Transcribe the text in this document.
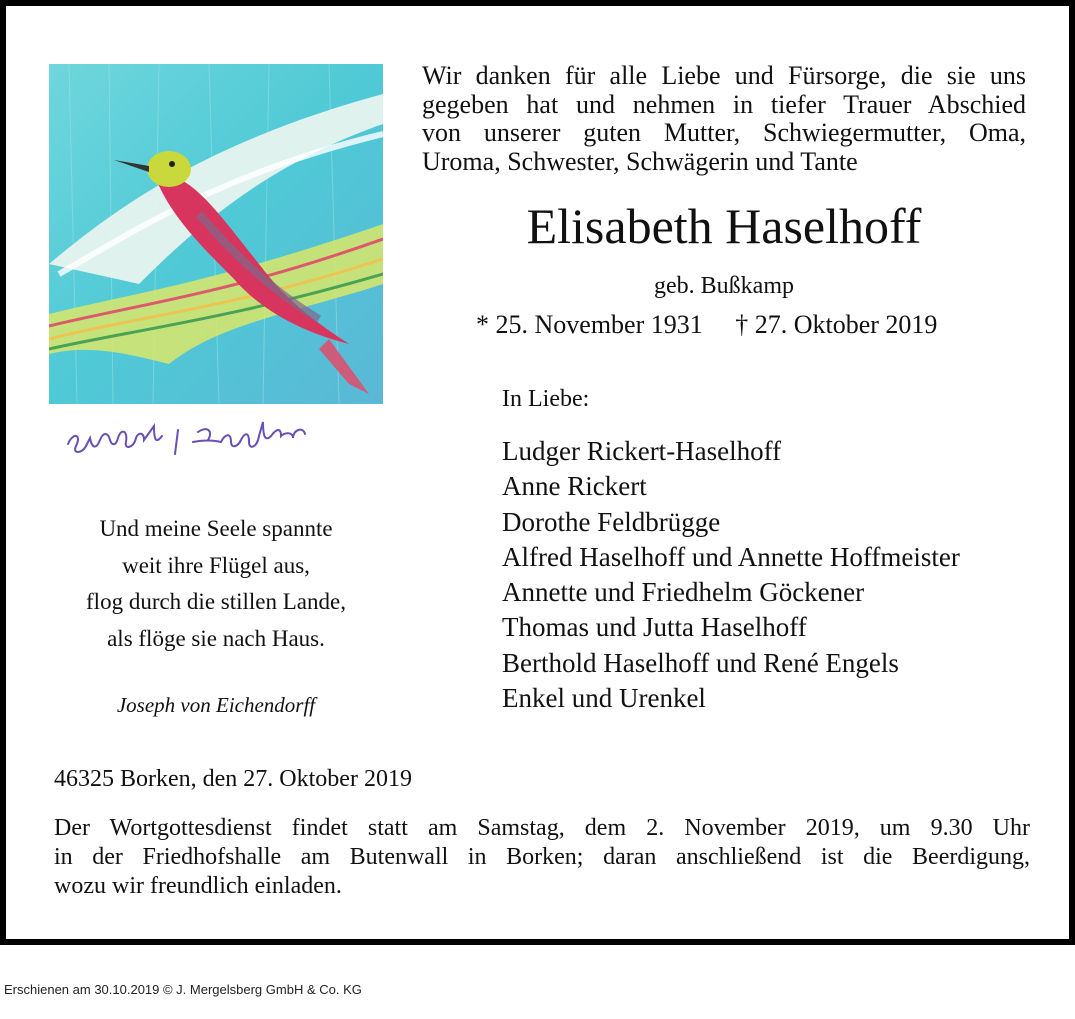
Wir danken für alle Liebe und Fürsorge, die sie uns
gegeben hat und nehmen in tiefer Trauer Abschied
von unserer guten Mutter, Schwiegermutter, Oma,
Uroma, Schwester, Schwägerin und Tante
Elisabeth Haselhoff
geb. Bußkamp
* 25. November 1931     † 27. Oktober 2019
In Liebe:
Ludger Rickert-Haselhoff
Anne Rickert
Dorothe Feldbrügge
Alfred Haselhoff und Annette Hoffmeister
Annette und Friedhelm Göckener
Thomas und Jutta Haselhoff
Berthold Haselhoff und René Engels
Enkel und Urenkel
Und meine Seele spannte
weit ihre Flügel aus,
flog durch die stillen Lande,
als flöge sie nach Haus.
Joseph von Eichendorff
46325 Borken, den 27. Oktober 2019
Der Wortgottesdienst findet statt am Samstag, dem 2. November 2019, um 9.30 Uhr
in der Friedhofshalle am Butenwall in Borken; daran anschließend ist die Beerdigung,
wozu wir freundlich einladen.
Erschienen am 30.10.2019 © J. Mergelsberg GmbH & Co. KG
